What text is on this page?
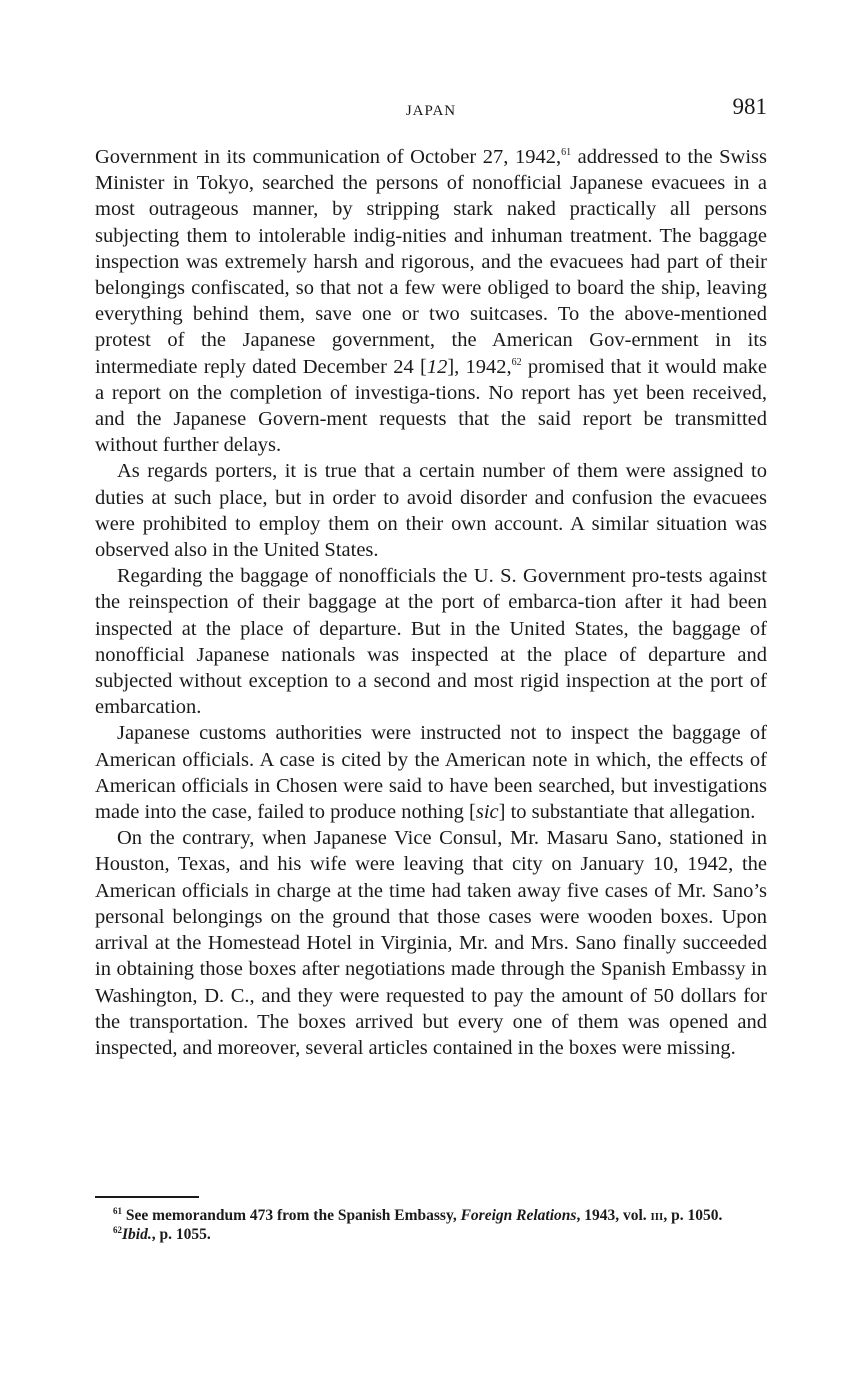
JAPAN	981

Government in its communication of October 27, 1942,61 addressed to the Swiss Minister in Tokyo, searched the persons of nonofficial Japanese evacuees in a most outrageous manner, by stripping stark naked practically all persons subjecting them to intolerable indig-nities and inhuman treatment. The baggage inspection was extremely harsh and rigorous, and the evacuees had part of their belongings confiscated, so that not a few were obliged to board the ship, leaving everything behind them, save one or two suitcases. To the above-mentioned protest of the Japanese government, the American Gov-ernment in its intermediate reply dated December 24 [12], 1942,62 promised that it would make a report on the completion of investiga-tions. No report has yet been received, and the Japanese Govern-ment requests that the said report be transmitted without further delays.

As regards porters, it is true that a certain number of them were assigned to duties at such place, but in order to avoid disorder and confusion the evacuees were prohibited to employ them on their own account. A similar situation was observed also in the United States.

Regarding the baggage of nonofficials the U. S. Government pro-tests against the reinspection of their baggage at the port of embarca-tion after it had been inspected at the place of departure. But in the United States, the baggage of nonofficial Japanese nationals was inspected at the place of departure and subjected without exception to a second and most rigid inspection at the port of embarcation.

Japanese customs authorities were instructed not to inspect the baggage of American officials. A case is cited by the American note in which, the effects of American officials in Chosen were said to have been searched, but investigations made into the case, failed to produce nothing [sic] to substantiate that allegation.

On the contrary, when Japanese Vice Consul, Mr. Masaru Sano, stationed in Houston, Texas, and his wife were leaving that city on January 10, 1942, the American officials in charge at the time had taken away five cases of Mr. Sano’s personal belongings on the ground that those cases were wooden boxes. Upon arrival at the Homestead Hotel in Virginia, Mr. and Mrs. Sano finally succeeded in obtaining those boxes after negotiations made through the Spanish Embassy in Washington, D. C., and they were requested to pay the amount of 50 dollars for the transportation. The boxes arrived but every one of them was opened and inspected, and moreover, several articles contained in the boxes were missing.

$^{61}$ See memorandum 473 from the Spanish Embassy, Foreign Relations, 1943, vol. iii, p. 1050.

$^{62}$Ibid., p. 1055.
